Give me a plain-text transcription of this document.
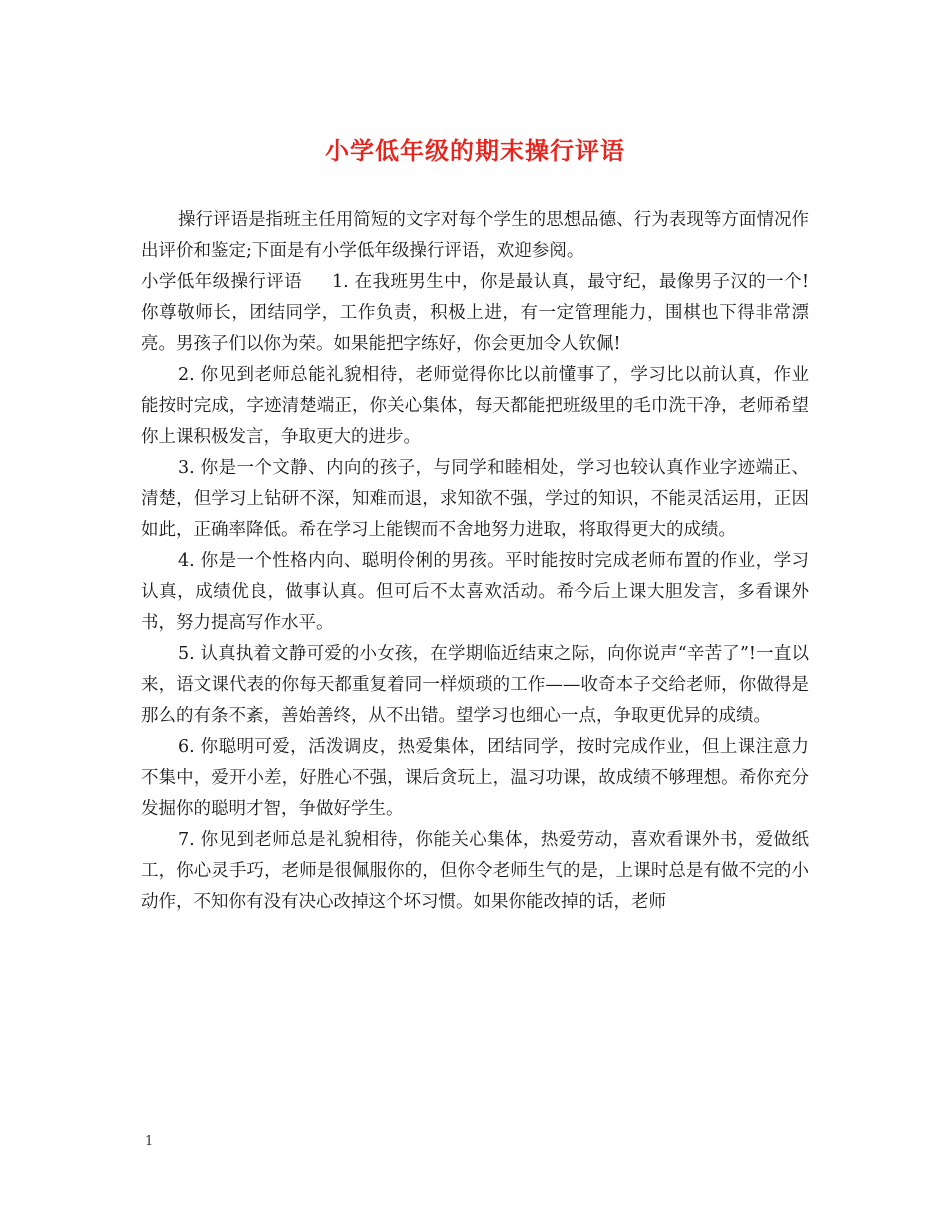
小学低年级的期末操行评语

操行评语是指班主任用简短的文字对每个学生的思想品德、行为表现等方面情况作出评价和鉴定;下面是有小学低年级操行评语，欢迎参阅。

小学低年级操行评语 1. 在我班男生中，你是最认真，最守纪，最像男子汉的一个!你尊敬师长，团结同学，工作负责，积极上进，有一定管理能力，围棋也下得非常漂亮。男孩子们以你为荣。如果能把字练好，你会更加令人钦佩!

2. 你见到老师总能礼貌相待，老师觉得你比以前懂事了，学习比以前认真，作业能按时完成，字迹清楚端正，你关心集体，每天都能把班级里的毛巾洗干净，老师希望你上课积极发言，争取更大的进步。

3. 你是一个文静、内向的孩子，与同学和睦相处，学习也较认真作业字迹端正、清楚，但学习上钻研不深，知难而退，求知欲不强，学过的知识，不能灵活运用，正因如此，正确率降低。希在学习上能锲而不舍地努力进取，将取得更大的成绩。

4. 你是一个性格内向、聪明伶俐的男孩。平时能按时完成老师布置的作业，学习认真，成绩优良，做事认真。但可后不太喜欢活动。希今后上课大胆发言，多看课外书，努力提高写作水平。

5. 认真执着文静可爱的小女孩，在学期临近结束之际，向你说声“辛苦了”!一直以来，语文课代表的你每天都重复着同一样烦琐的工作——收奇本子交给老师，你做得是那么的有条不紊，善始善终，从不出错。望学习也细心一点，争取更优异的成绩。

6. 你聪明可爱，活泼调皮，热爱集体，团结同学，按时完成作业，但上课注意力不集中，爱开小差，好胜心不强，课后贪玩上，温习功课，故成绩不够理想。希你充分发掘你的聪明才智，争做好学生。

7. 你见到老师总是礼貌相待，你能关心集体，热爱劳动，喜欢看课外书，爱做纸工，你心灵手巧，老师是很佩服你的，但你令老师生气的是，上课时总是有做不完的小动作，不知你有没有决心改掉这个坏习惯。如果你能改掉的话，老师

1
